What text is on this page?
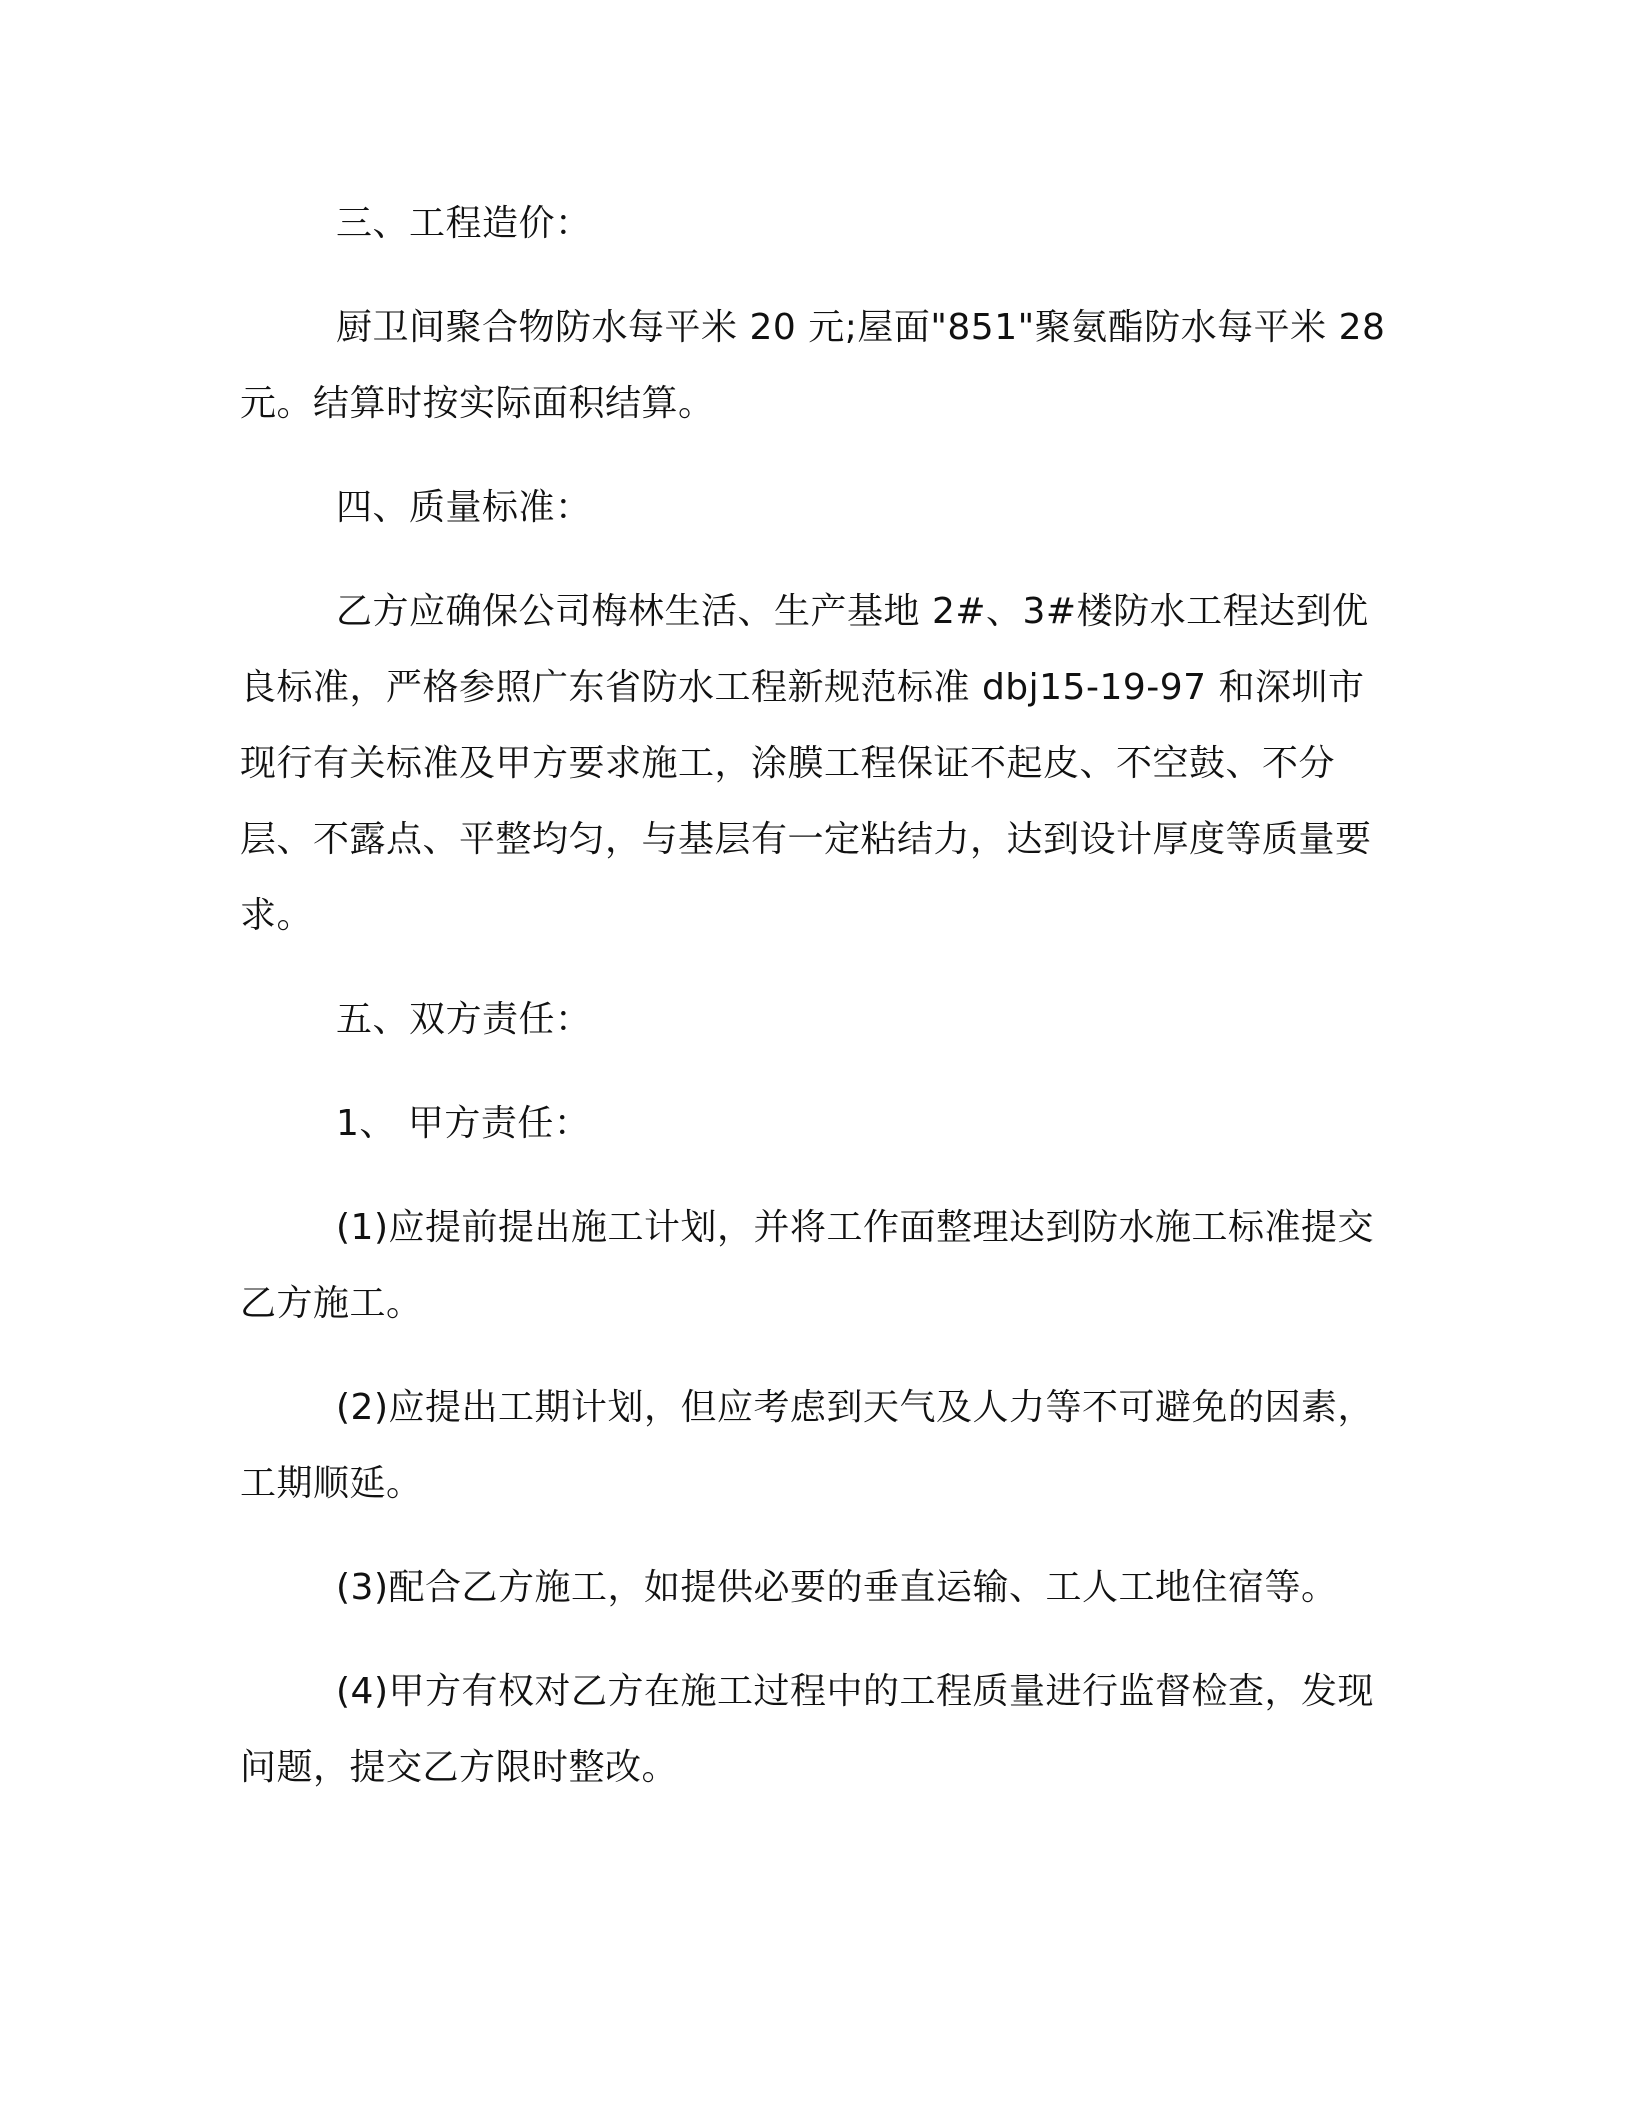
三、工程造价：

厨卫间聚合物防水每平米 20 元;屋面"851"聚氨酯防水每平米 28 元。结算时按实际面积结算。

四、质量标准：

乙方应确保公司梅林生活、生产基地 2#、3#楼防水工程达到优良标准，严格参照广东省防水工程新规范标准 dbj15-19-97 和深圳市现行有关标准及甲方要求施工，涂膜工程保证不起皮、不空鼓、不分层、不露点、平整均匀，与基层有一定粘结力，达到设计厚度等质量要求。

五、双方责任：

1、 甲方责任：

(1)应提前提出施工计划，并将工作面整理达到防水施工标准提交乙方施工。

(2)应提出工期计划，但应考虑到天气及人力等不可避免的因素，工期顺延。

(3)配合乙方施工，如提供必要的垂直运输、工人工地住宿等。

(4)甲方有权对乙方在施工过程中的工程质量进行监督检查，发现问题，提交乙方限时整改。
